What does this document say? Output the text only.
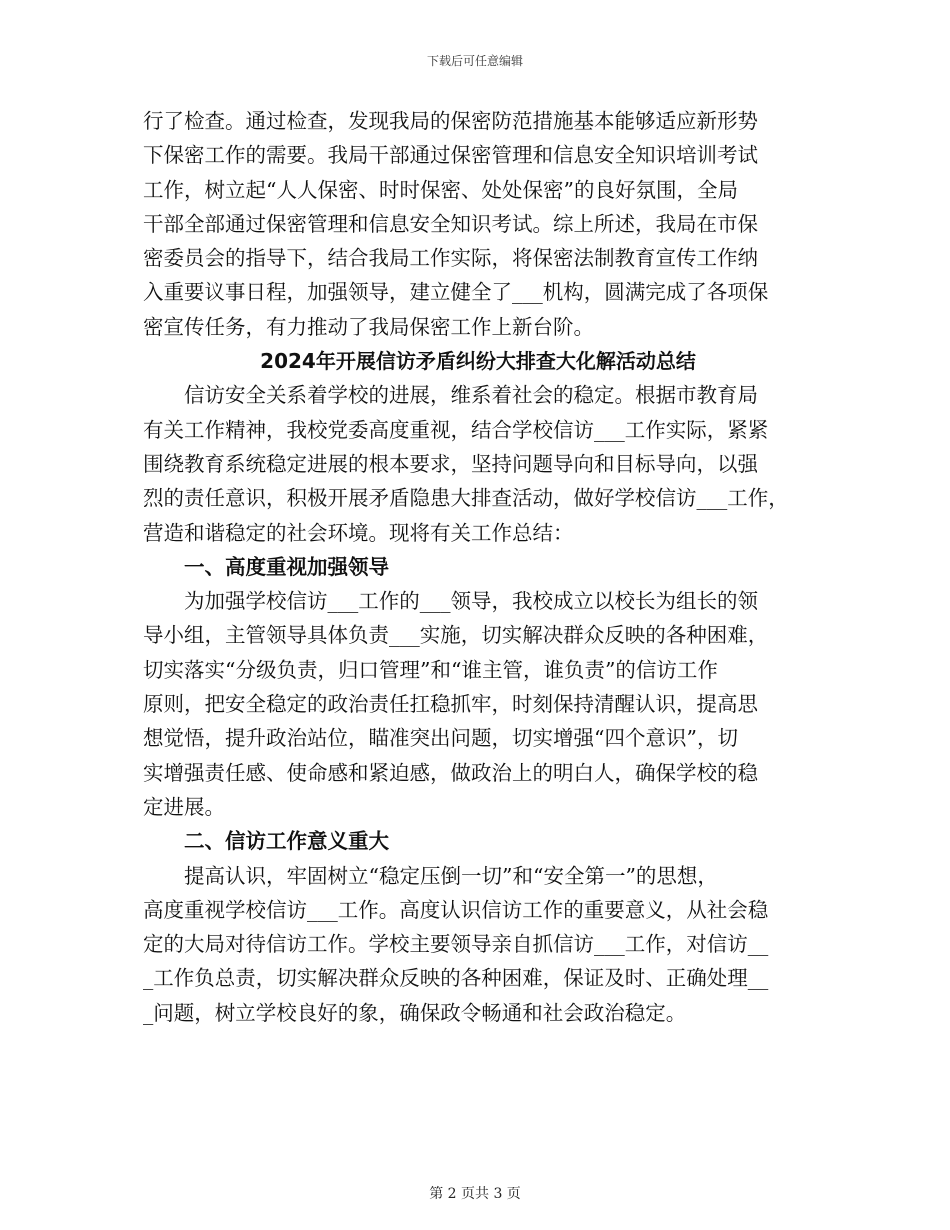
下载后可任意编辑
行了检查。通过检查，发现我局的保密防范措施基本能够适应新形势
下保密工作的需要。我局干部通过保密管理和信息安全知识培训考试
工作，树立起“人人保密、时时保密、处处保密”的良好氛围，全局
干部全部通过保密管理和信息安全知识考试。综上所述，我局在市保
密委员会的指导下，结合我局工作实际，将保密法制教育宣传工作纳
入重要议事日程，加强领导，建立健全了___机构，圆满完成了各项保
密宣传任务，有力推动了我局保密工作上新台阶。
2024年开展信访矛盾纠纷大排查大化解活动总结
信访安全关系着学校的进展，维系着社会的稳定。根据市教育局
有关工作精神，我校党委高度重视，结合学校信访___工作实际，紧紧
围绕教育系统稳定进展的根本要求，坚持问题导向和目标导向，以强
烈的责任意识，积极开展矛盾隐患大排查活动，做好学校信访___工作，
营造和谐稳定的社会环境。现将有关工作总结：
一、高度重视加强领导
为加强学校信访___工作的___领导，我校成立以校长为组长的领
导小组，主管领导具体负责___实施，切实解决群众反映的各种困难，
切实落实“分级负责，归口管理”和“谁主管，谁负责”的信访工作
原则，把安全稳定的政治责任扛稳抓牢，时刻保持清醒认识，提高思
想觉悟，提升政治站位，瞄准突出问题，切实增强“四个意识”，切
实增强责任感、使命感和紧迫感，做政治上的明白人，确保学校的稳
定进展。
二、信访工作意义重大
提高认识，牢固树立“稳定压倒一切”和“安全第一”的思想，
高度重视学校信访___工作。高度认识信访工作的重要意义，从社会稳
定的大局对待信访工作。学校主要领导亲自抓信访___工作，对信访__
_工作负总责，切实解决群众反映的各种困难，保证及时、正确处理__
_问题，树立学校良好的象，确保政令畅通和社会政治稳定。
第 2 页共 3 页
